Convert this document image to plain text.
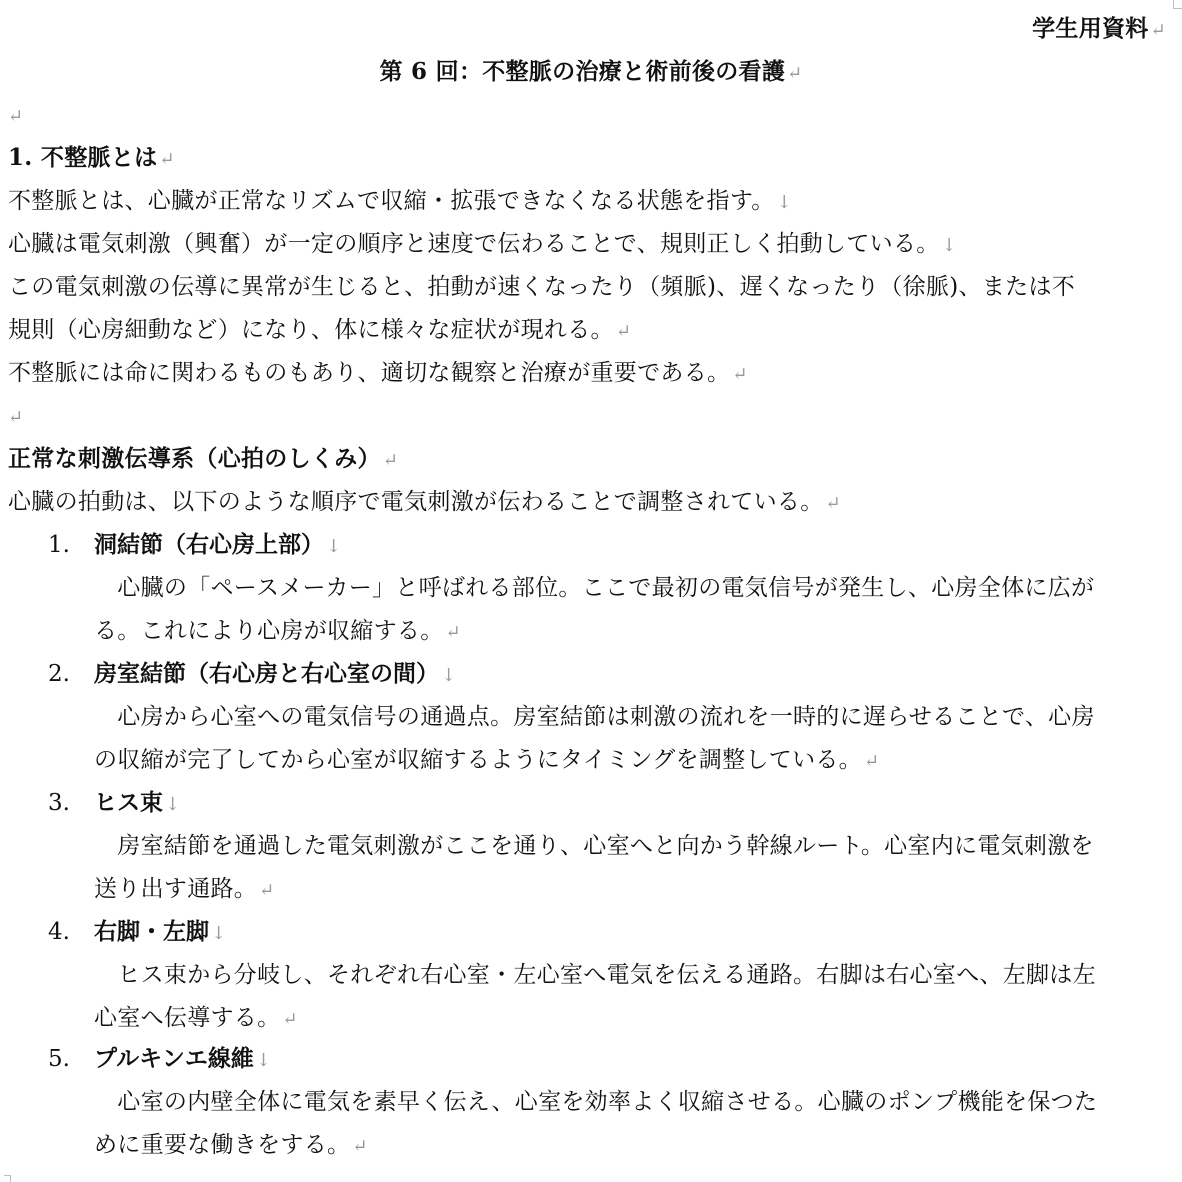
学生用資料 ↵
第 6 回：不整脈の治療と術前後の看護 ↵
↵
1. 不整脈とは ↵
不整脈とは、心臓が正常なリズムで収縮・拡張できなくなる状態を指す。 ↓
心臓は電気刺激（興奮）が一定の順序と速度で伝わることで、規則正しく拍動している。 ↓
この電気刺激の伝導に異常が生じると、拍動が速くなったり（頻脈)、遅くなったり（徐脈)、または不
規則（心房細動など）になり、体に様々な症状が現れる。 ↵
不整脈には命に関わるものもあり、適切な観察と治療が重要である。 ↵
↵
正常な刺激伝導系（心拍のしくみ） ↵
心臓の拍動は、以下のような順序で電気刺激が伝わることで調整されている。 ↵
1. 洞結節（右心房上部） ↓
　心臓の「ペースメーカー」と呼ばれる部位。ここで最初の電気信号が発生し、心房全体に広が
る。これにより心房が収縮する。 ↵
2. 房室結節（右心房と右心室の間） ↓
　心房から心室への電気信号の通過点。房室結節は刺激の流れを一時的に遅らせることで、心房
の収縮が完了してから心室が収縮するようにタイミングを調整している。 ↵
3. ヒス束 ↓
　房室結節を通過した電気刺激がここを通り、心室へと向かう幹線ルート。心室内に電気刺激を
送り出す通路。 ↵
4. 右脚・左脚 ↓
　ヒス束から分岐し、それぞれ右心室・左心室へ電気を伝える通路。右脚は右心室へ、左脚は左
心室へ伝導する。 ↵
5. プルキンエ線維 ↓
　心室の内壁全体に電気を素早く伝え、心室を効率よく収縮させる。心臓のポンプ機能を保つた
めに重要な働きをする。 ↵
